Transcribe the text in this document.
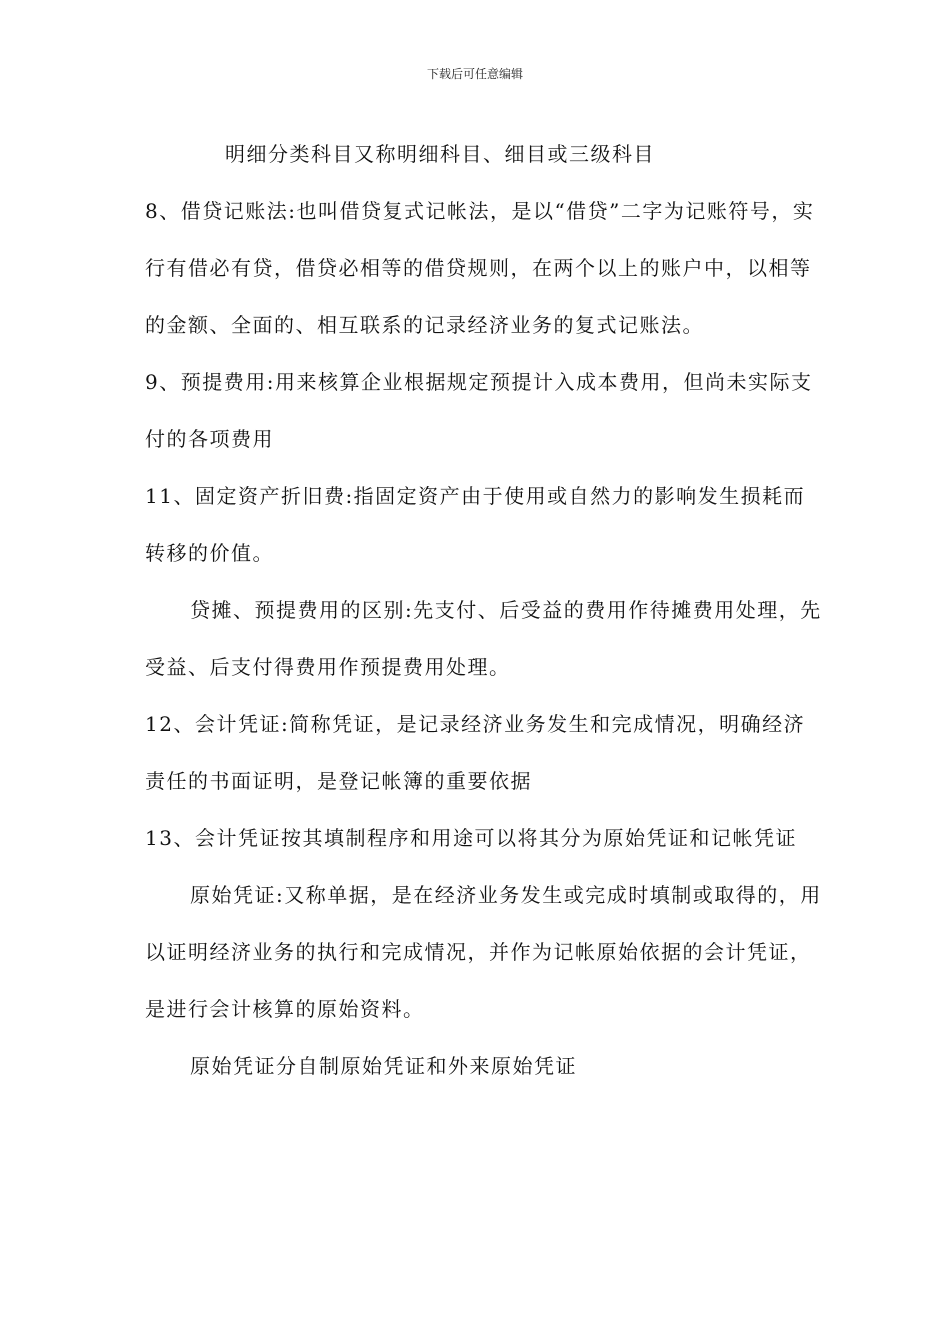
下载后可任意编辑

明细分类科目又称明细科目、细目或三级科目

8、借贷记账法:也叫借贷复式记帐法，是以“借贷”二字为记账符号，实行有借必有贷，借贷必相等的借贷规则，在两个以上的账户中，以相等的金额、全面的、相互联系的记录经济业务的复式记账法。

9、预提费用:用来核算企业根据规定预提计入成本费用，但尚未实际支付的各项费用

11、固定资产折旧费:指固定资产由于使用或自然力的影响发生损耗而转移的价值。

贷摊、预提费用的区别:先支付、后受益的费用作待摊费用处理，先受益、后支付得费用作预提费用处理。

12、会计凭证:简称凭证，是记录经济业务发生和完成情况，明确经济责任的书面证明，是登记帐簿的重要依据

13、会计凭证按其填制程序和用途可以将其分为原始凭证和记帐凭证

原始凭证:又称单据，是在经济业务发生或完成时填制或取得的，用以证明经济业务的执行和完成情况，并作为记帐原始依据的会计凭证，是进行会计核算的原始资料。

原始凭证分自制原始凭证和外来原始凭证
